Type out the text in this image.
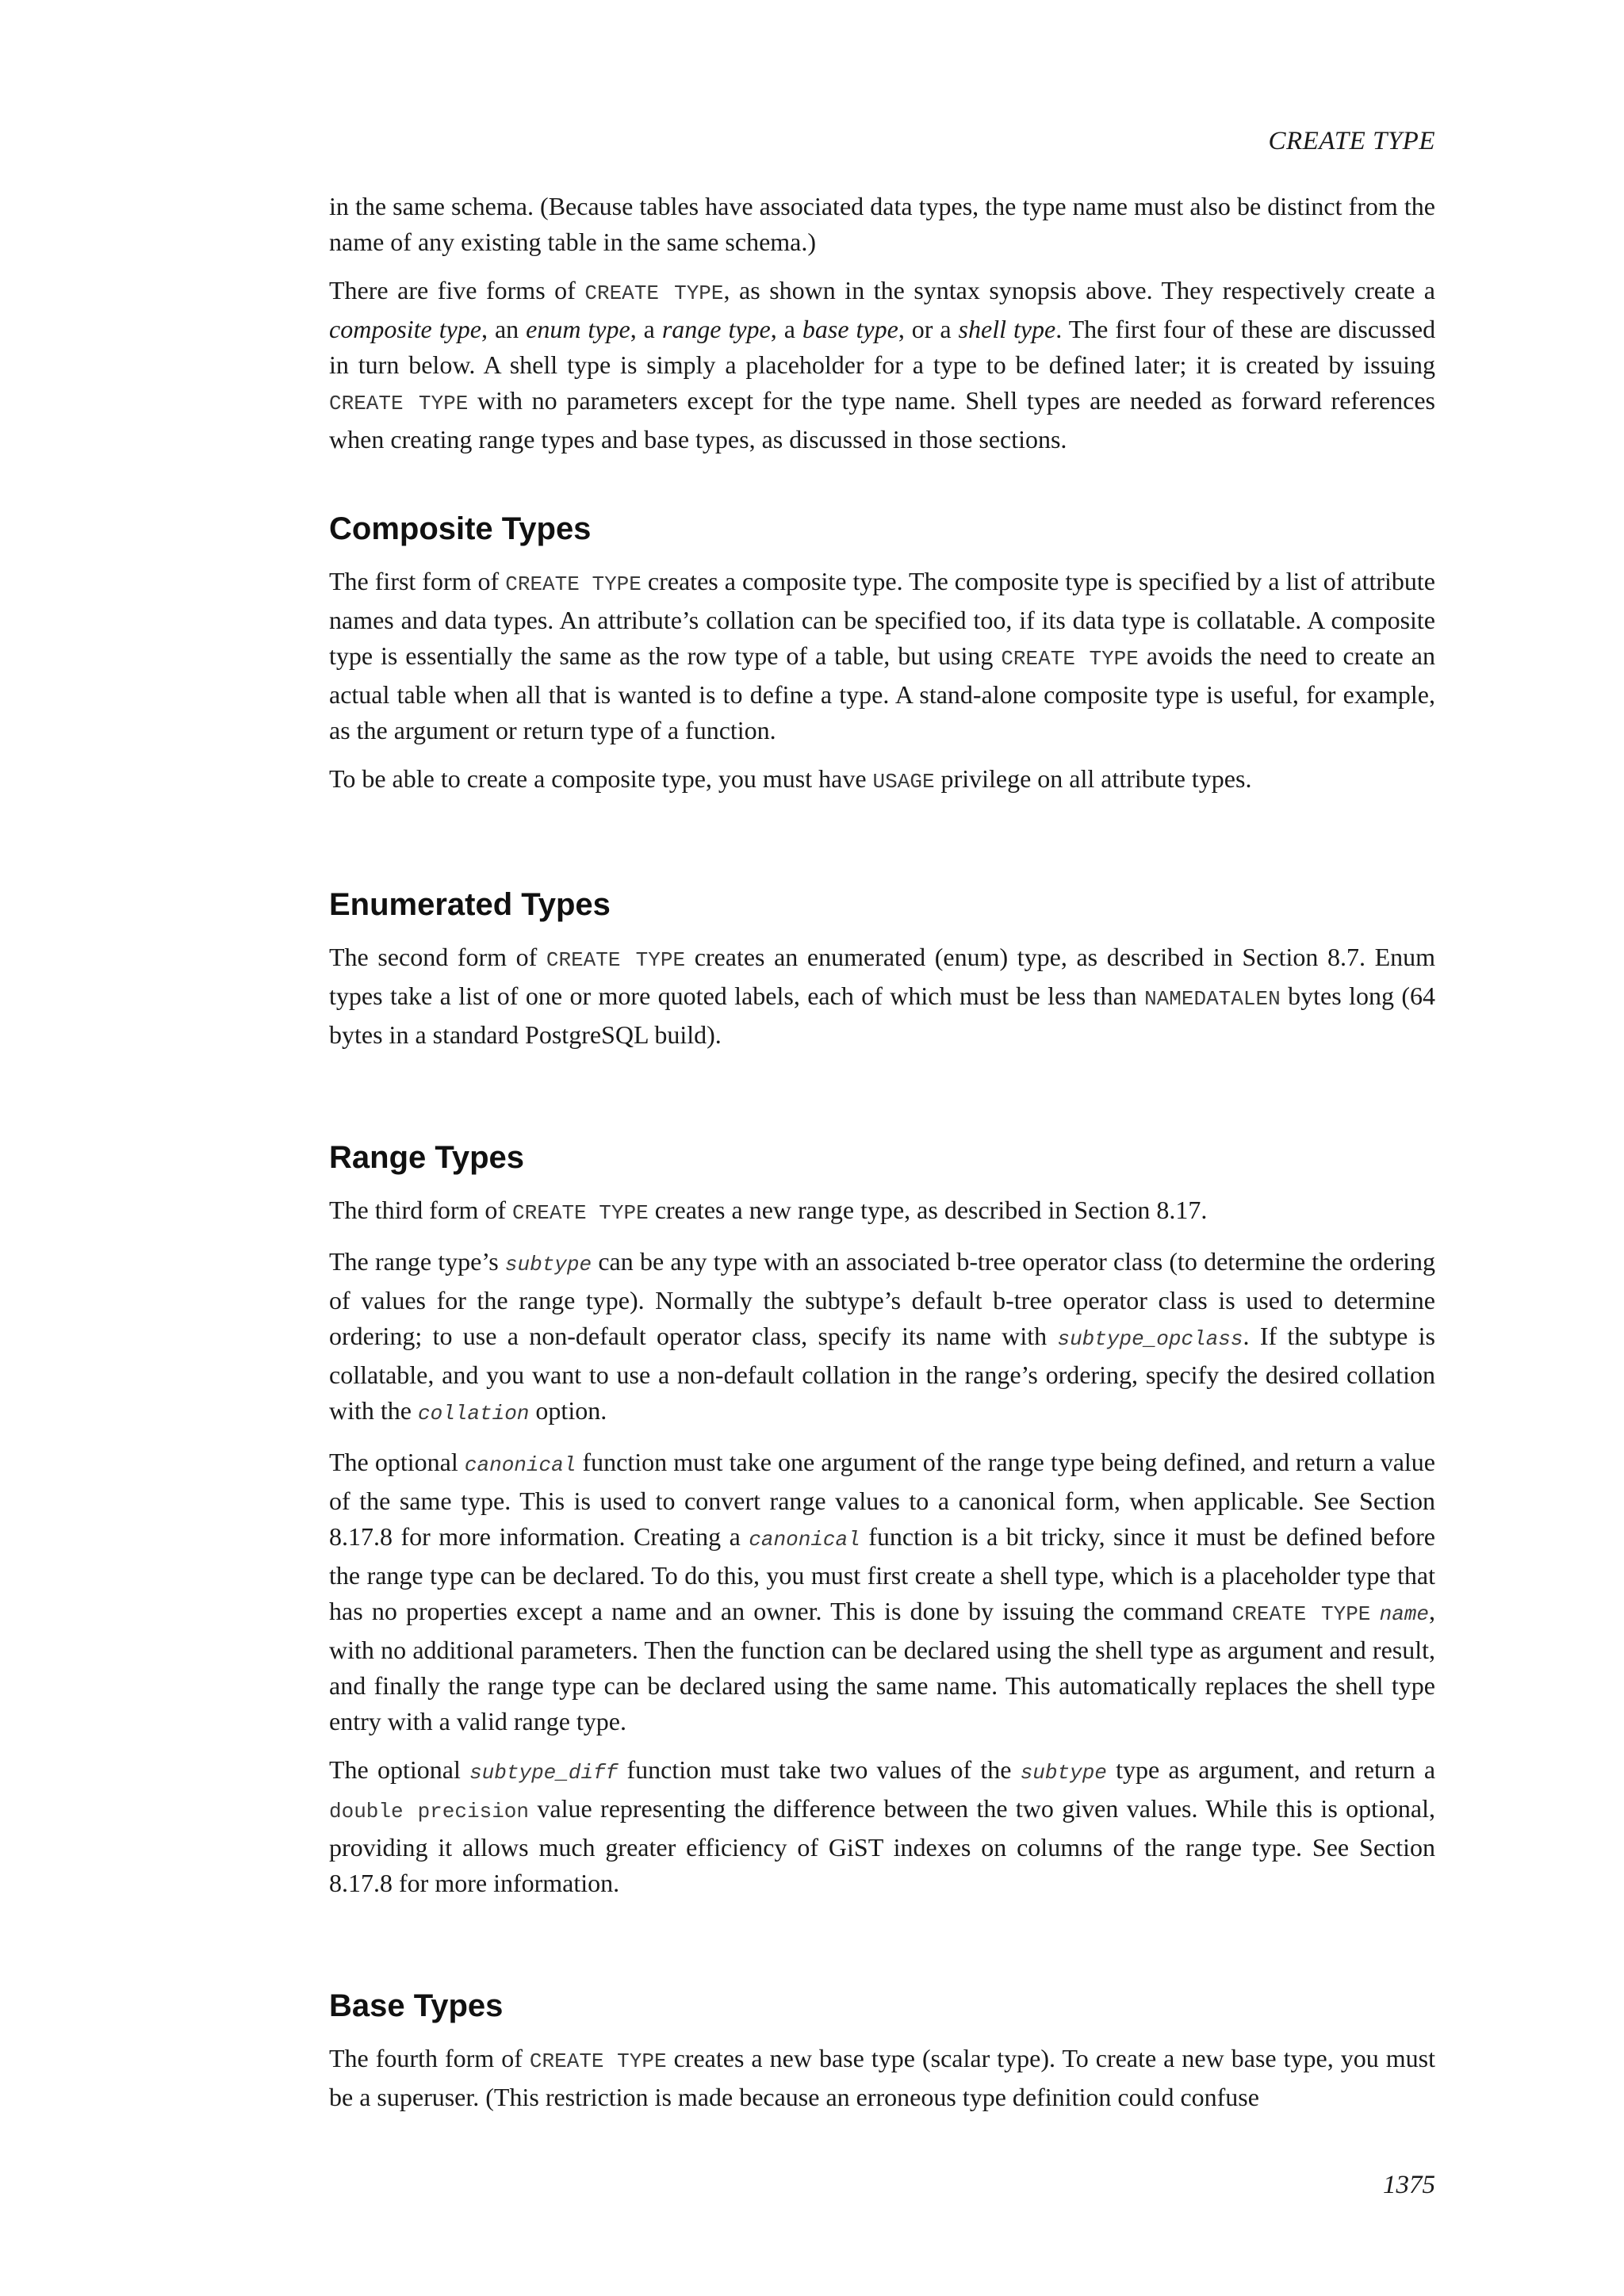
CREATE TYPE

in the same schema. (Because tables have associated data types, the type name must also be distinct from the name of any existing table in the same schema.)

There are five forms of CREATE TYPE, as shown in the syntax synopsis above. They respectively create a composite type, an enum type, a range type, a base type, or a shell type. The first four of these are discussed in turn below. A shell type is simply a placeholder for a type to be defined later; it is created by issuing CREATE TYPE with no parameters except for the type name. Shell types are needed as forward references when creating range types and base types, as discussed in those sections.

Composite Types

The first form of CREATE TYPE creates a composite type. The composite type is specified by a list of attribute names and data types. An attribute’s collation can be specified too, if its data type is collatable. A composite type is essentially the same as the row type of a table, but using CREATE TYPE avoids the need to create an actual table when all that is wanted is to define a type. A stand-alone composite type is useful, for example, as the argument or return type of a function.

To be able to create a composite type, you must have USAGE privilege on all attribute types.

Enumerated Types

The second form of CREATE TYPE creates an enumerated (enum) type, as described in Section 8.7. Enum types take a list of one or more quoted labels, each of which must be less than NAMEDATALEN bytes long (64 bytes in a standard PostgreSQL build).

Range Types

The third form of CREATE TYPE creates a new range type, as described in Section 8.17.

The range type’s subtype can be any type with an associated b-tree operator class (to determine the ordering of values for the range type). Normally the subtype’s default b-tree operator class is used to determine ordering; to use a non-default operator class, specify its name with subtype_opclass. If the subtype is collatable, and you want to use a non-default collation in the range’s ordering, specify the desired collation with the collation option.

The optional canonical function must take one argument of the range type being defined, and return a value of the same type. This is used to convert range values to a canonical form, when applicable. See Section 8.17.8 for more information. Creating a canonical function is a bit tricky, since it must be defined before the range type can be declared. To do this, you must first create a shell type, which is a placeholder type that has no properties except a name and an owner. This is done by issuing the command CREATE TYPE name, with no additional parameters. Then the function can be declared using the shell type as argument and result, and finally the range type can be declared using the same name. This automatically replaces the shell type entry with a valid range type.

The optional subtype_diff function must take two values of the subtype type as argument, and return a double precision value representing the difference between the two given values. While this is optional, providing it allows much greater efficiency of GiST indexes on columns of the range type. See Section 8.17.8 for more information.

Base Types

The fourth form of CREATE TYPE creates a new base type (scalar type). To create a new base type, you must be a superuser. (This restriction is made because an erroneous type definition could confuse

1375
